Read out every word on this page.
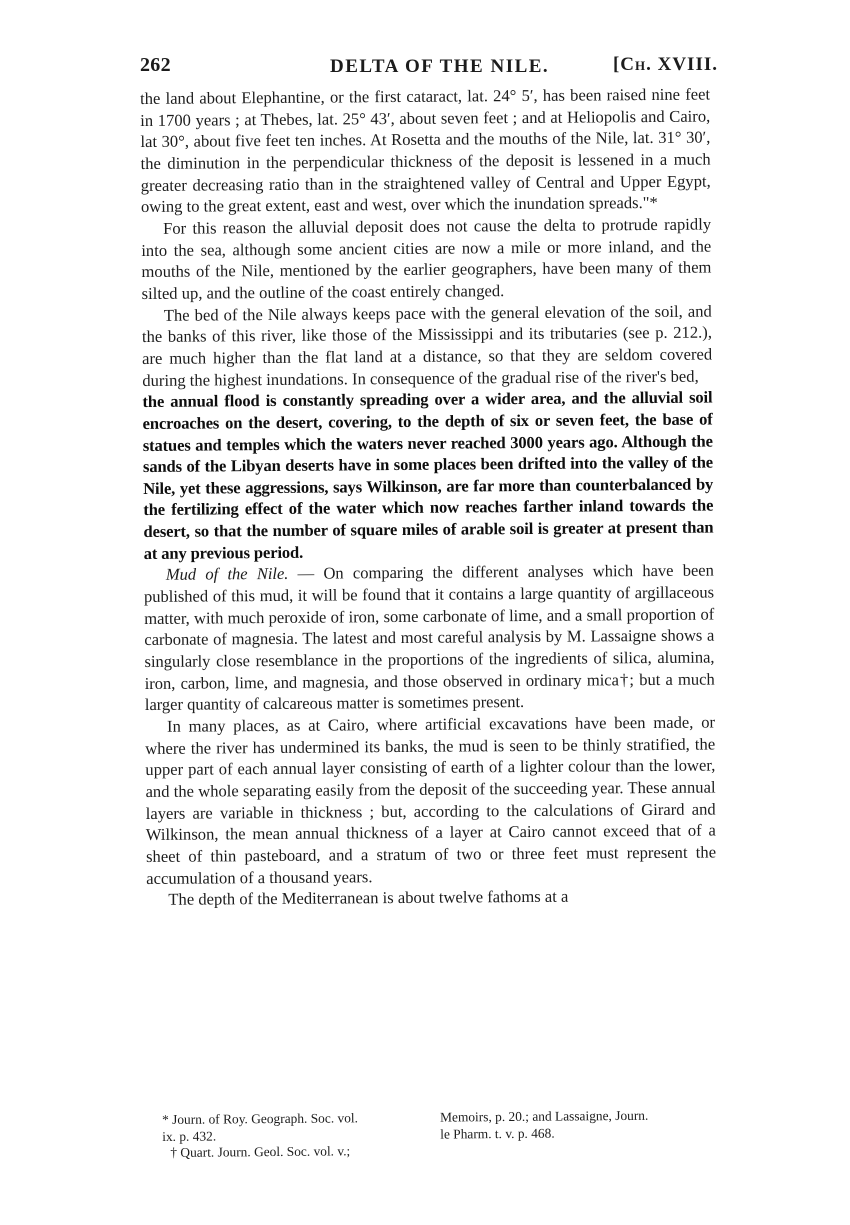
262	DELTA OF THE NILE.	[Ch. XVIII.

the land about Elephantine, or the first cataract, lat. 24° 5′, has been raised nine feet in 1700 years ; at Thebes, lat. 25° 43′, about seven feet ; and at Heliopolis and Cairo, lat 30°, about five feet ten inches. At Rosetta and the mouths of the Nile, lat. 31° 30′, the diminution in the perpendicular thickness of the deposit is lessened in a much greater decreasing ratio than in the straightened valley of Central and Upper Egypt, owing to the great extent, east and west, over which the inundation spreads."*

For this reason the alluvial deposit does not cause the delta to protrude rapidly into the sea, although some ancient cities are now a mile or more inland, and the mouths of the Nile, mentioned by the earlier geographers, have been many of them silted up, and the outline of the coast entirely changed.

The bed of the Nile always keeps pace with the general elevation of the soil, and the banks of this river, like those of the Mississippi and its tributaries (see p. 212.), are much higher than the flat land at a distance, so that they are seldom covered during the highest inundations. In consequence of the gradual rise of the river's bed,

the annual flood is constantly spreading over a wider area, and the alluvial soil encroaches on the desert, covering, to the depth of six or seven feet, the base of statues and temples which the waters never reached 3000 years ago. Although the sands of the Libyan deserts have in some places been drifted into the valley of the Nile, yet these aggressions, says Wilkinson, are far more than counterbalanced by the fertilizing effect of the water which now reaches farther inland towards the desert, so that the number of square miles of arable soil is greater at present than at any previous period.

Mud of the Nile. — On comparing the different analyses which have been published of this mud, it will be found that it contains a large quantity of argillaceous matter, with much peroxide of iron, some carbonate of lime, and a small proportion of carbonate of magnesia. The latest and most careful analysis by M. Lassaigne shows a singularly close resemblance in the proportions of the ingredients of silica, alumina, iron, carbon, lime, and magnesia, and those observed in ordinary mica†; but a much larger quantity of calcareous matter is sometimes present.

In many places, as at Cairo, where artificial excavations have been made, or where the river has undermined its banks, the mud is seen to be thinly stratified, the upper part of each annual layer consisting of earth of a lighter colour than the lower, and the whole separating easily from the deposit of the succeeding year. These annual layers are variable in thickness ; but, according to the calculations of Girard and Wilkinson, the mean annual thickness of a layer at Cairo cannot exceed that of a sheet of thin pasteboard, and a stratum of two or three feet must represent the accumulation of a thousand years.

The depth of the Mediterranean is about twelve fathoms at a

* Journ. of Roy. Geograph. Soc. vol.
ix. p. 432.
† Quart. Journ. Geol. Soc. vol. v.;
Memoirs, p. 20.; and Lassaigne, Journ.
le Pharm. t. v. p. 468.
